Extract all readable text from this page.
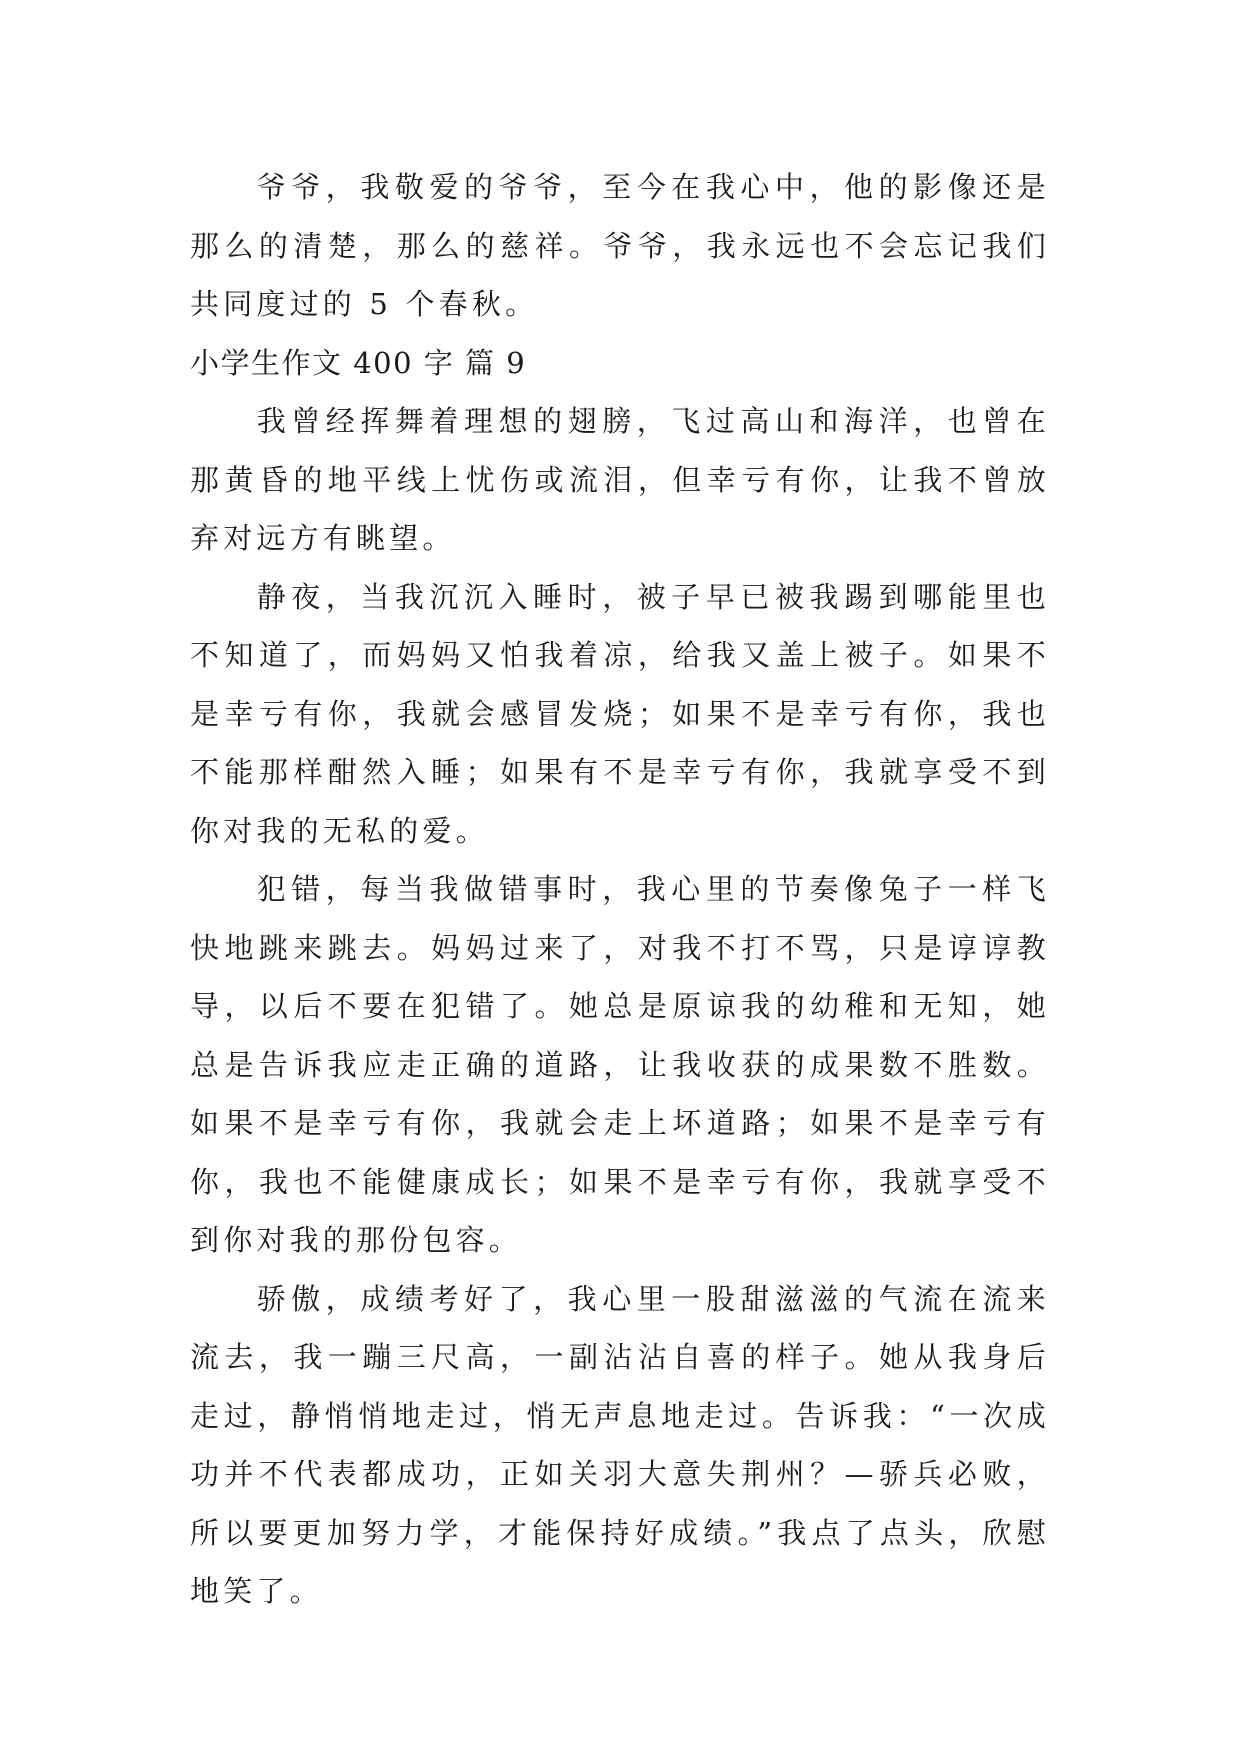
爷爷，我敬爱的爷爷，至今在我心中，他的影像还是那么的清楚，那么的慈祥。爷爷，我永远也不会忘记我们共同度过的 5 个春秋。

小学生作文 400 字 篇 9

我曾经挥舞着理想的翅膀，飞过高山和海洋，也曾在那黄昏的地平线上忧伤或流泪，但幸亏有你，让我不曾放弃对远方有眺望。

静夜，当我沉沉入睡时，被子早已被我踢到哪能里也不知道了，而妈妈又怕我着凉，给我又盖上被子。如果不是幸亏有你，我就会感冒发烧；如果不是幸亏有你，我也不能那样酣然入睡；如果有不是幸亏有你，我就享受不到你对我的无私的爱。

犯错，每当我做错事时，我心里的节奏像兔子一样飞快地跳来跳去。妈妈过来了，对我不打不骂，只是谆谆教导，以后不要在犯错了。她总是原谅我的幼稚和无知，她总是告诉我应走正确的道路，让我收获的成果数不胜数。如果不是幸亏有你，我就会走上坏道路；如果不是幸亏有你，我也不能健康成长；如果不是幸亏有你，我就享受不到你对我的那份包容。

骄傲，成绩考好了，我心里一股甜滋滋的气流在流来流去，我一蹦三尺高，一副沾沾自喜的样子。她从我身后走过，静悄悄地走过，悄无声息地走过。告诉我：“一次成功并不代表都成功，正如关羽大意失荆州？—骄兵必败，所以要更加努力学，才能保持好成绩。”我点了点头，欣慰地笑了。
